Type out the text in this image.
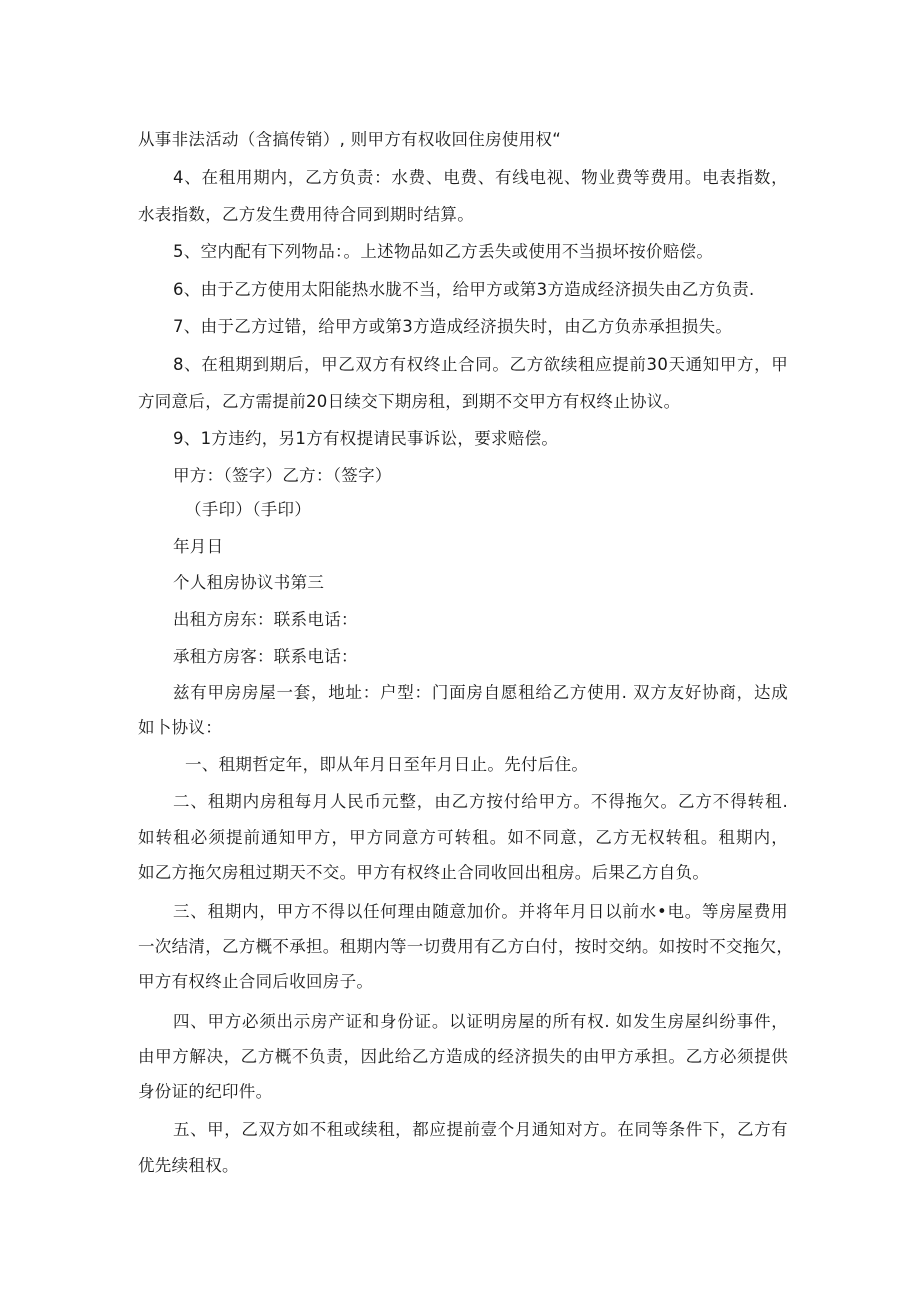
从事非法活动（含搞传销）, 则甲方有权收回住房使用权“
4、在租用期内，乙方负责：水费、电费、有线电视、物业费等费用。电表指数，
水表指数，乙方发生费用待合同到期时结算。
5、空内配有下列物品：。上述物品如乙方丢失或使用不当损坏按价赔偿。
6、由于乙方使用太阳能热水胧不当，给甲方或第3方造成经济损失由乙方负责.
7、由于乙方过错，给甲方或第3方造成经济损失时，由乙方负赤承担损失。
8、在租期到期后，甲乙双方有权终止合同。乙方欲续租应提前30天通知甲方，甲
方同意后，乙方需提前20日续交下期房租，到期不交甲方有权终止协议。
9、1方违约，另1方有权提请民事诉讼，要求赔偿。
甲方：（签字）乙方：（签字）
（手印）（手印）
年月日
个人租房协议书第三
出租方房东：联系电话：
承租方房客：联系电话：
兹有甲房房屋一套，地址：户型：门面房自愿租给乙方使用. 双方友好协商，达成
如卜协议：
一、租期哲定年，即从年月日至年月日止。先付后住。
二、租期内房租每月人民币元整，由乙方按付给甲方。不得拖欠。乙方不得转租.
如转租必须提前通知甲方，甲方同意方可转租。如不同意，乙方无权转租。租期内，
如乙方拖欠房租过期天不交。甲方有权终止合同收回出租房。后果乙方自负。
三、租期内，甲方不得以任何理由随意加价。并将年月日以前水•电。等房屋费用
一次结清，乙方概不承担。租期内等一切费用有乙方白付，按时交纳。如按时不交拖欠，
甲方有权终止合同后收回房子。
四、甲方必须出示房产证和身份证。以证明房屋的所有权. 如发生房屋纠纷事件，
由甲方解决，乙方概不负责，因此给乙方造成的经济损失的由甲方承担。乙方必须提供
身份证的纪印件。
五、甲，乙双方如不租或续租，都应提前壹个月通知对方。在同等条件下，乙方有
优先续租权。
